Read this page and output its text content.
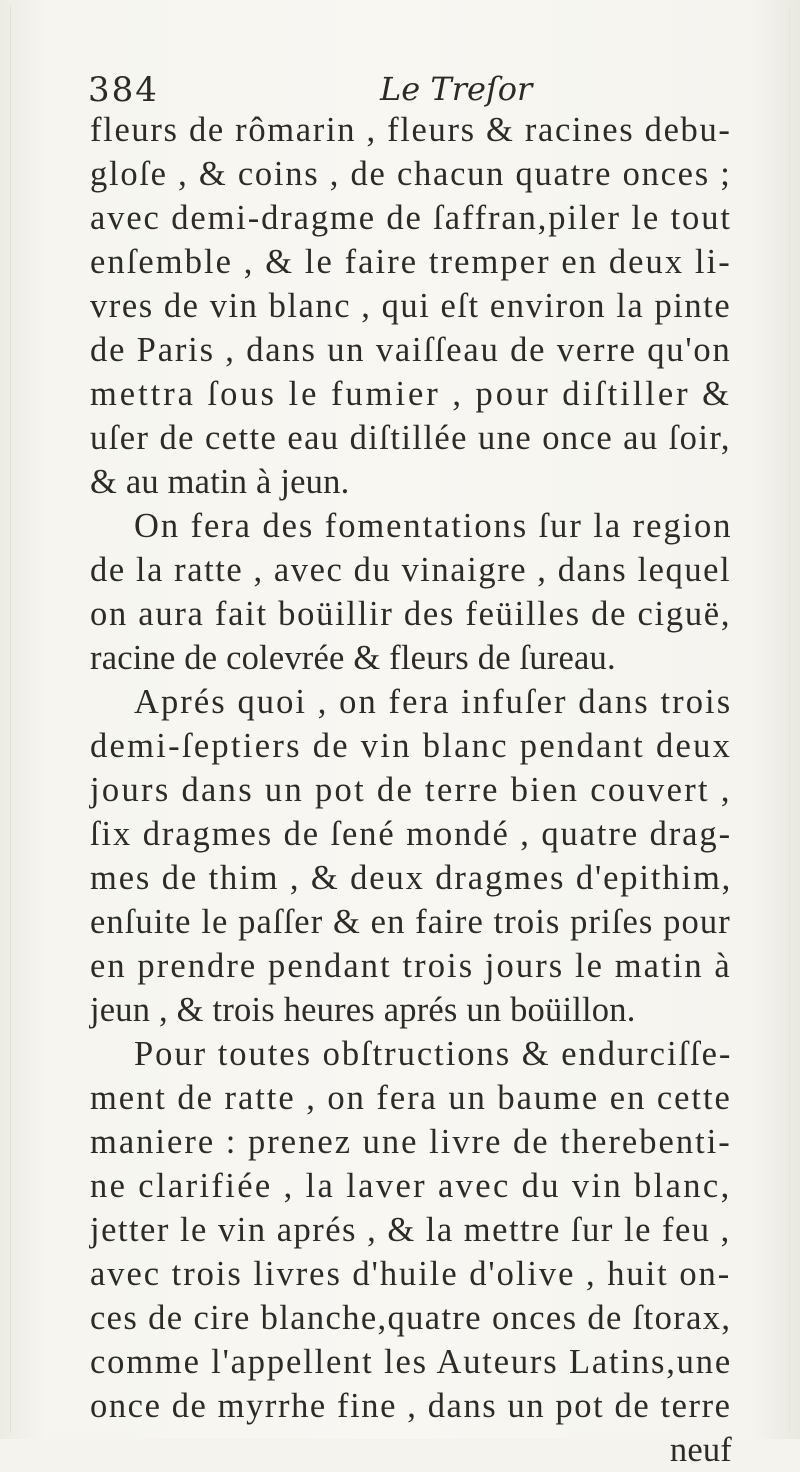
384	Le Treſor
fleurs de rômarin , fleurs & racines debu-
gloſe , & coins , de chacun quatre onces ;
avec demi-dragme de ſaffran,piler le tout
enſemble , & le faire tremper en deux li-
vres de vin blanc , qui eſt environ la pinte
de Paris , dans un vaiſſeau de verre qu'on
mettra ſous le fumier , pour diſtiller &
uſer de cette eau diſtillée une once au ſoir,
& au matin à jeun.
On fera des fomentations ſur la region
de la ratte , avec du vinaigre , dans lequel
on aura fait boüillir des feüilles de ciguë,
racine de colevrée & fleurs de ſureau.
Aprés quoi , on fera infuſer dans trois
demi-ſeptiers de vin blanc pendant deux
jours dans un pot de terre bien couvert ,
ſix dragmes de ſené mondé , quatre drag-
mes de thim , & deux dragmes d'epithim,
enſuite le paſſer & en faire trois priſes pour
en prendre pendant trois jours le matin à
jeun , & trois heures aprés un boüillon.
Pour toutes obſtructions & endurciſſe-
ment de ratte , on fera un baume en cette
maniere : prenez une livre de therebenti-
ne clarifiée , la laver avec du vin blanc,
jetter le vin aprés , & la mettre ſur le feu ,
avec trois livres d'huile d'olive , huit on-
ces de cire blanche,quatre onces de ſtorax,
comme l'appellent les Auteurs Latins,une
once de myrrhe fine , dans un pot de terre
neuf
